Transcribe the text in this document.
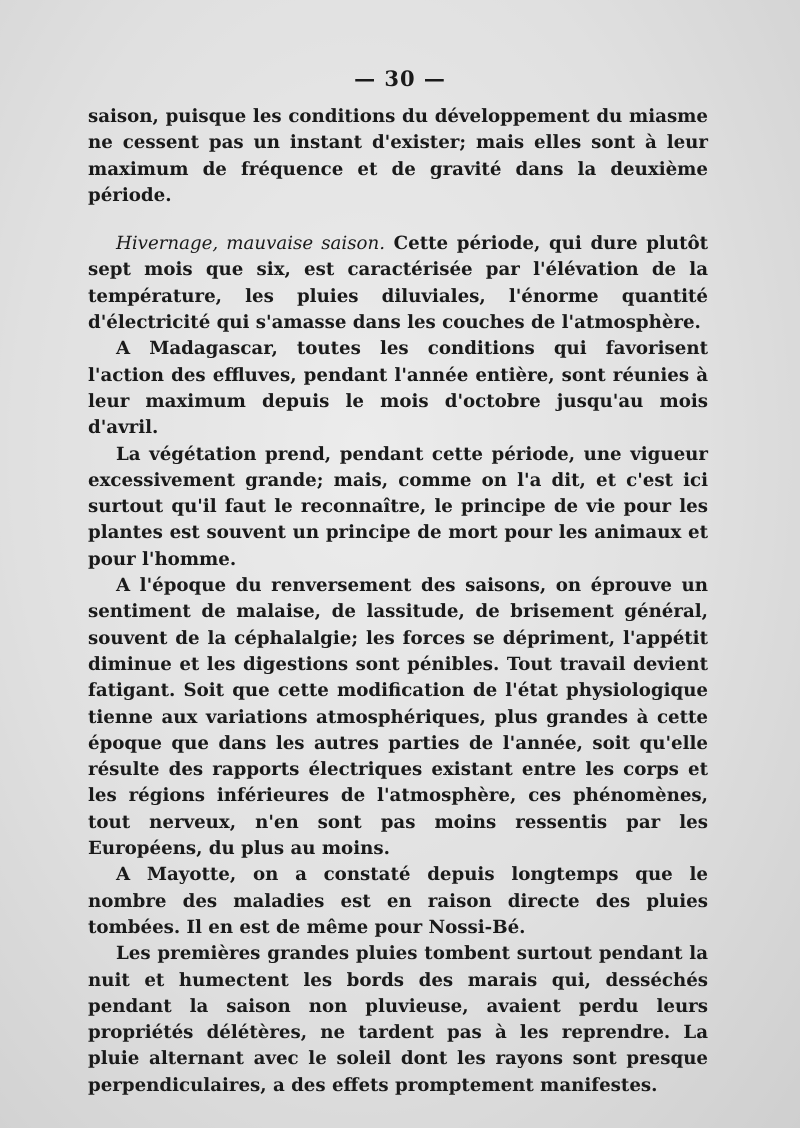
— 30 —

saison, puisque les conditions du développement du miasme ne cessent pas un instant d'exister; mais elles sont à leur maximum de fréquence et de gravité dans la deuxième période.

Hivernage, mauvaise saison. Cette période, qui dure plutôt sept mois que six, est caractérisée par l'élévation de la température, les pluies diluviales, l'énorme quantité d'électricité qui s'amasse dans les couches de l'atmosphère.

A Madagascar, toutes les conditions qui favorisent l'action des effluves, pendant l'année entière, sont réunies à leur maximum depuis le mois d'octobre jusqu'au mois d'avril.

La végétation prend, pendant cette période, une vigueur excessivement grande; mais, comme on l'a dit, et c'est ici surtout qu'il faut le reconnaître, le principe de vie pour les plantes est souvent un principe de mort pour les animaux et pour l'homme.

A l'époque du renversement des saisons, on éprouve un sentiment de malaise, de lassitude, de brisement général, souvent de la céphalalgie; les forces se dépriment, l'appétit diminue et les digestions sont pénibles. Tout travail devient fatigant. Soit que cette modification de l'état physiologique tienne aux variations atmosphériques, plus grandes à cette époque que dans les autres parties de l'année, soit qu'elle résulte des rapports électriques existant entre les corps et les régions inférieures de l'atmosphère, ces phénomènes, tout nerveux, n'en sont pas moins ressentis par les Européens, du plus au moins.

A Mayotte, on a constaté depuis longtemps que le nombre des maladies est en raison directe des pluies tombées. Il en est de même pour Nossi-Bé.

Les premières grandes pluies tombent surtout pendant la nuit et humectent les bords des marais qui, desséchés pendant la saison non pluvieuse, avaient perdu leurs propriétés délétères, ne tardent pas à les reprendre. La pluie alternant avec le soleil dont les rayons sont presque perpendiculaires, a des effets promptement manifestes.
